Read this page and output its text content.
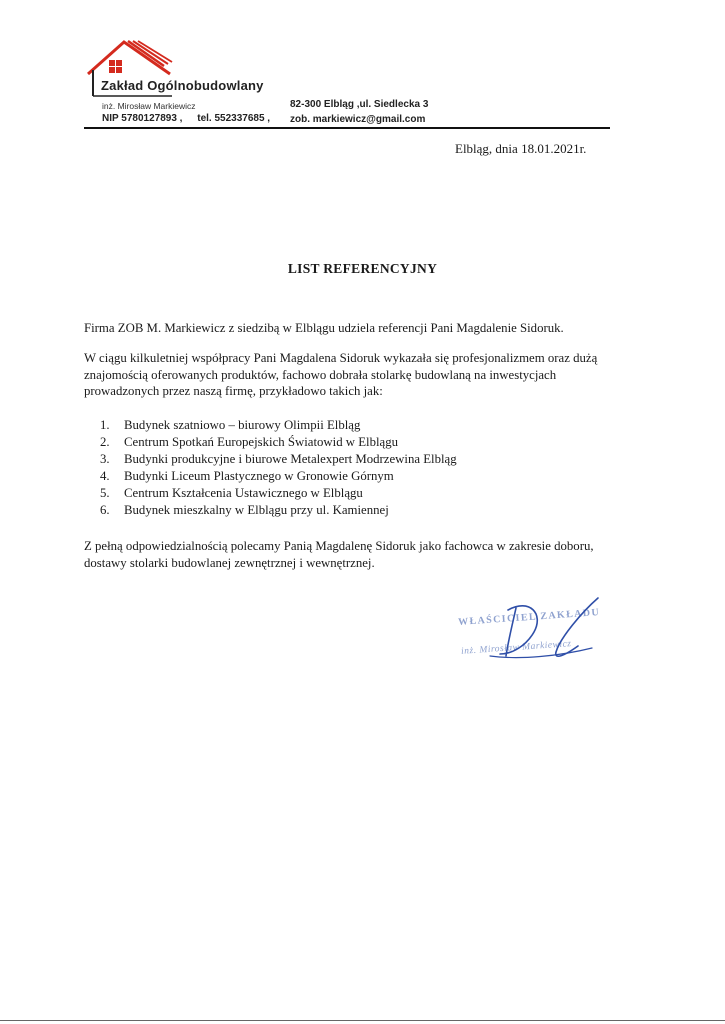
Zakład Ogólnobudowlany
inż. Mirosław Markiewicz
NIP 5780127893 , tel. 552337685 ,
82-300 Elbląg ,ul. Siedlecka 3
zob. markiewicz@gmail.com
Elbląg, dnia 18.01.2021r.
LIST REFERENCYJNY

Firma ZOB M. Markiewicz z siedzibą w Elblągu udziela referencji Pani Magdalenie Sidoruk.

W ciągu kilkuletniej współpracy Pani Magdalena Sidoruk wykazała się profesjonalizmem oraz dużą znajomością oferowanych produktów, fachowo dobrała stolarkę budowlaną na inwestycjach prowadzonych przez naszą firmę, przykładowo takich jak:

1. Budynek szatniowo – biurowy Olimpii Elbląg
2. Centrum Spotkań Europejskich Światowid w Elblągu
3. Budynki produkcyjne i biurowe Metalexpert Modrzewina Elbląg
4. Budynki Liceum Plastycznego w Gronowie Górnym
5. Centrum Kształcenia Ustawicznego w Elblągu
6. Budynek mieszkalny w Elblągu przy ul. Kamiennej

Z pełną odpowiedzialnością polecamy Panią Magdalenę Sidoruk jako fachowca w zakresie doboru, dostawy stolarki budowlanej zewnętrznej i wewnętrznej.

WŁAŚCICIEL ZAKŁADU
inż. Mirosław Markiewicz
